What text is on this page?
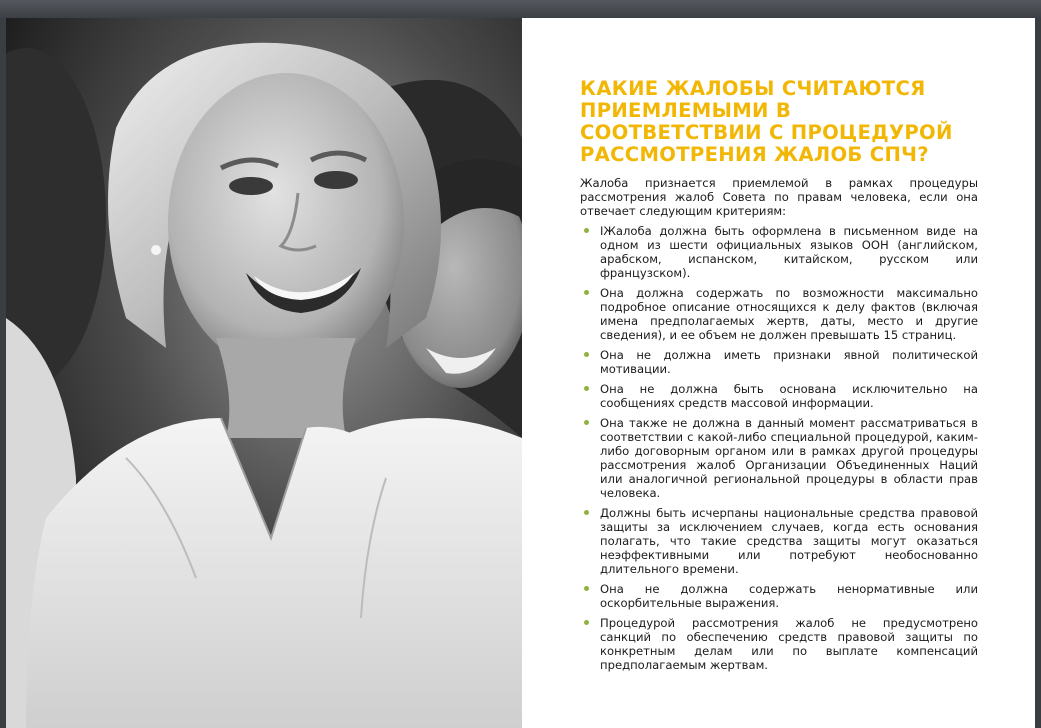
КАКИЕ ЖАЛОБЫ СЧИТАЮТСЯ
ПРИЕМЛЕМЫМИ В
СООТВЕТСТВИИ С ПРОЦЕДУРОЙ
РАССМОТРЕНИЯ ЖАЛОБ СПЧ?

Жалоба признается приемлемой в рамках процедуры рассмотрения жалоб Совета по правам человека, если она отвечает следующим критериям:

IЖалоба должна быть оформлена в письменном виде на одном из шести официальных языков ООН (английском, арабском, испанском, китайском, русском или французском).
Она должна содержать по возможности максимально подробное описание относящихся к делу фактов (включая имена предполагаемых жертв, даты, место и другие сведения), и ее объем не должен превышать 15 страниц.
Она не должна иметь признаки явной политической мотивации.
Она не должна быть основана исключительно на сообщениях средств массовой информации.
Она также не должна в данный момент рассматриваться в соответствии с какой-либо специальной процедурой, каким-либо договорным органом или в рамках другой процедуры рассмотрения жалоб Организации Объединенных Наций или аналогичной региональной процедуры в области прав человека.
Должны быть исчерпаны национальные средства правовой защиты за исключением случаев, когда есть основания полагать, что такие средства защиты могут оказаться неэффективными или потребуют необоснованно длительного времени.
Она не должна содержать ненормативные или оскорбительные выражения.
Процедурой рассмотрения жалоб не предусмотрено санкций по обеспечению средств правовой защиты по конкретным делам или по выплате компенсаций предполагаемым жертвам.
